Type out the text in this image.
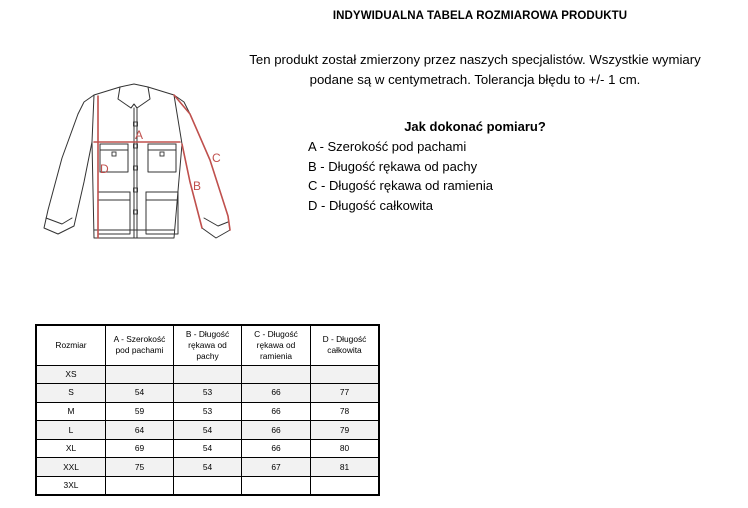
INDYWIDUALNA TABELA ROZMIAROWA PRODUKTU
Ten produkt został zmierzony przez naszych specjalistów. Wszystkie wymiary
podane są w centymetrach. Tolerancja błędu to +/- 1 cm.
Jak dokonać pomiaru?
A - Szerokość pod pachami
B - Długość rękawa od pachy
C - Długość rękawa od ramienia
D - Długość całkowita
A
B
C
D
Rozmiar	A - Szerokość pod pachami	B - Długość rękawa od pachy	C - Długość rękawa od ramienia	D - Długość całkowita
XS				
S	54	53	66	77
M	59	53	66	78
L	64	54	66	79
XL	69	54	66	80
XXL	75	54	67	81
3XL				
